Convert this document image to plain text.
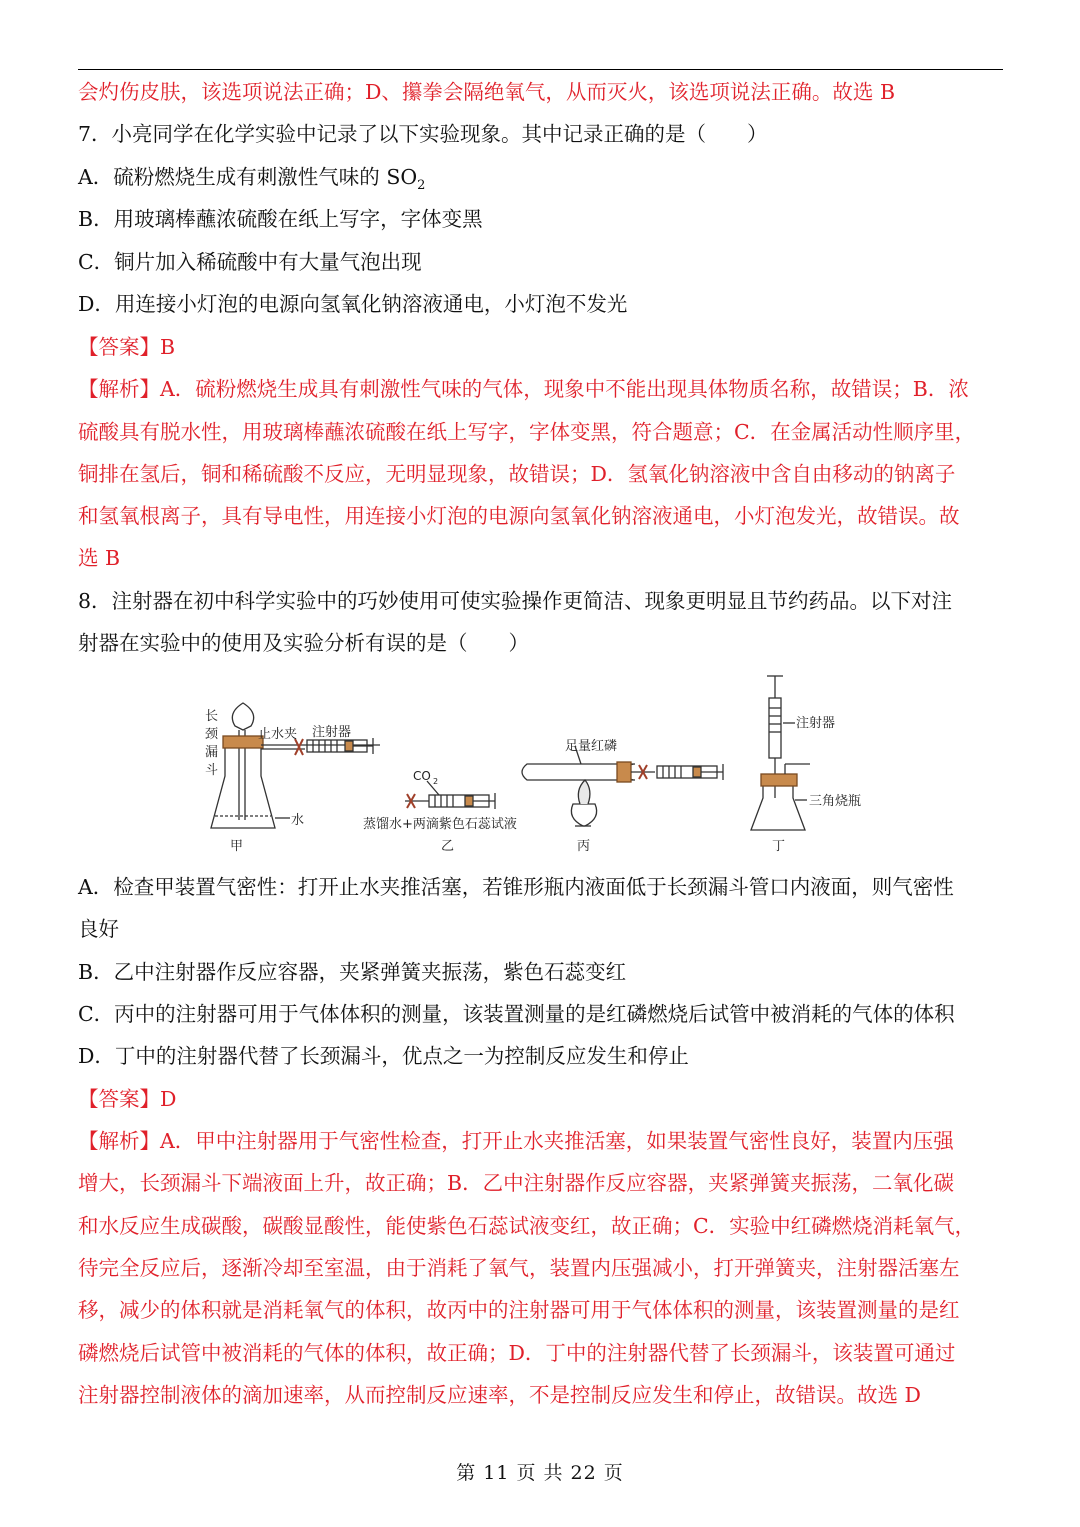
会灼伤皮肤，该选项说法正确；D、攥拳会隔绝氧气，从而灭火，该选项说法正确。故选 B
7．小亮同学在化学实验中记录了以下实验现象。其中记录正确的是（　　）
A．硫粉燃烧生成有刺激性气味的 $SO_2$
B．用玻璃棒蘸浓硫酸在纸上写字，字体变黑
C．铜片加入稀硫酸中有大量气泡出现
D．用连接小灯泡的电源向氢氧化钠溶液通电，小灯泡不发光
【答案】B
【解析】A．硫粉燃烧生成具有刺激性气味的气体，现象中不能出现具体物质名称，故错误；B．浓
硫酸具有脱水性，用玻璃棒蘸浓硫酸在纸上写字，字体变黑，符合题意；C．在金属活动性顺序里，
铜排在氢后，铜和稀硫酸不反应，无明显现象，故错误；D．氢氧化钠溶液中含自由移动的钠离子
和氢氧根离子，具有导电性，用连接小灯泡的电源向氢氧化钠溶液通电，小灯泡发光，故错误。故
选 B
8．注射器在初中科学实验中的巧妙使用可使实验操作更简洁、现象更明显且节约药品。以下对注
射器在实验中的使用及实验分析有误的是（　　）
长
颈
漏
斗
止水夹 注射器
水
CO 2
蒸馏水+两滴紫色石蕊试液
足量红磷
注射器
三角烧瓶
甲	乙	丙	丁
A．检查甲装置气密性：打开止水夹推活塞，若锥形瓶内液面低于长颈漏斗管口内液面，则气密性
良好
B．乙中注射器作反应容器，夹紧弹簧夹振荡，紫色石蕊变红
C．丙中的注射器可用于气体体积的测量，该装置测量的是红磷燃烧后试管中被消耗的气体的体积
D．丁中的注射器代替了长颈漏斗，优点之一为控制反应发生和停止
【答案】D
【解析】A．甲中注射器用于气密性检查，打开止水夹推活塞，如果装置气密性良好，装置内压强
增大，长颈漏斗下端液面上升，故正确；B．乙中注射器作反应容器，夹紧弹簧夹振荡，二氧化碳
和水反应生成碳酸，碳酸显酸性，能使紫色石蕊试液变红，故正确；C．实验中红磷燃烧消耗氧气，
待完全反应后，逐渐冷却至室温，由于消耗了氧气，装置内压强减小，打开弹簧夹，注射器活塞左
移，减少的体积就是消耗氧气的体积，故丙中的注射器可用于气体体积的测量，该装置测量的是红
磷燃烧后试管中被消耗的气体的体积，故正确；D．丁中的注射器代替了长颈漏斗，该装置可通过
注射器控制液体的滴加速率，从而控制反应速率，不是控制反应发生和停止，故错误。故选 D
第 11 页 共 22 页
